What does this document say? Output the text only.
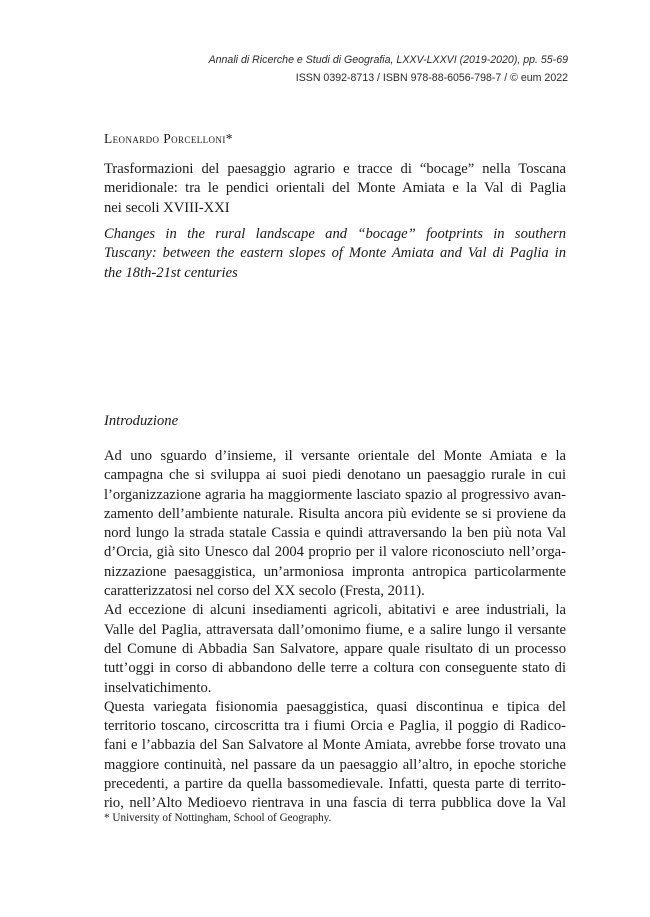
Annali di Ricerche e Studi di Geografia, LXXV-LXXVI (2019-2020), pp. 55-69
ISSN 0392-8713 / ISBN 978-88-6056-798-7 / © eum 2022
Leonardo Porcelloni*
Trasformazioni del paesaggio agrario e tracce di “bocage” nella Toscana
meridionale: tra le pendici orientali del Monte Amiata e la Val di Paglia
nei secoli XVIII-XXI
Changes in the rural landscape and “bocage” footprints in southern
Tuscany: between the eastern slopes of Monte Amiata and Val di Paglia in
the 18th-21st centuries
Introduzione
Ad uno sguardo d’insieme, il versante orientale del Monte Amiata e la
campagna che si sviluppa ai suoi piedi denotano un paesaggio rurale in cui
l’organizzazione agraria ha maggiormente lasciato spazio al progressivo avan-
zamento dell’ambiente naturale. Risulta ancora più evidente se si proviene da
nord lungo la strada statale Cassia e quindi attraversando la ben più nota Val
d’Orcia, già sito Unesco dal 2004 proprio per il valore riconosciuto nell’orga-
nizzazione paesaggistica, un’armoniosa impronta antropica particolarmente
caratterizzatosi nel corso del XX secolo (Fresta, 2011).
Ad eccezione di alcuni insediamenti agricoli, abitativi e aree industriali, la
Valle del Paglia, attraversata dall’omonimo fiume, e a salire lungo il versante
del Comune di Abbadia San Salvatore, appare quale risultato di un processo
tutt’oggi in corso di abbandono delle terre a coltura con conseguente stato di
inselvatichimento.
Questa variegata fisionomia paesaggistica, quasi discontinua e tipica del
territorio toscano, circoscritta tra i fiumi Orcia e Paglia, il poggio di Radico-
fani e l’abbazia del San Salvatore al Monte Amiata, avrebbe forse trovato una
maggiore continuità, nel passare da un paesaggio all’altro, in epoche storiche
precedenti, a partire da quella bassomedievale. Infatti, questa parte di territo-
rio, nell’Alto Medioevo rientrava in una fascia di terra pubblica dove la Val
* University of Nottingham, School of Geography.
